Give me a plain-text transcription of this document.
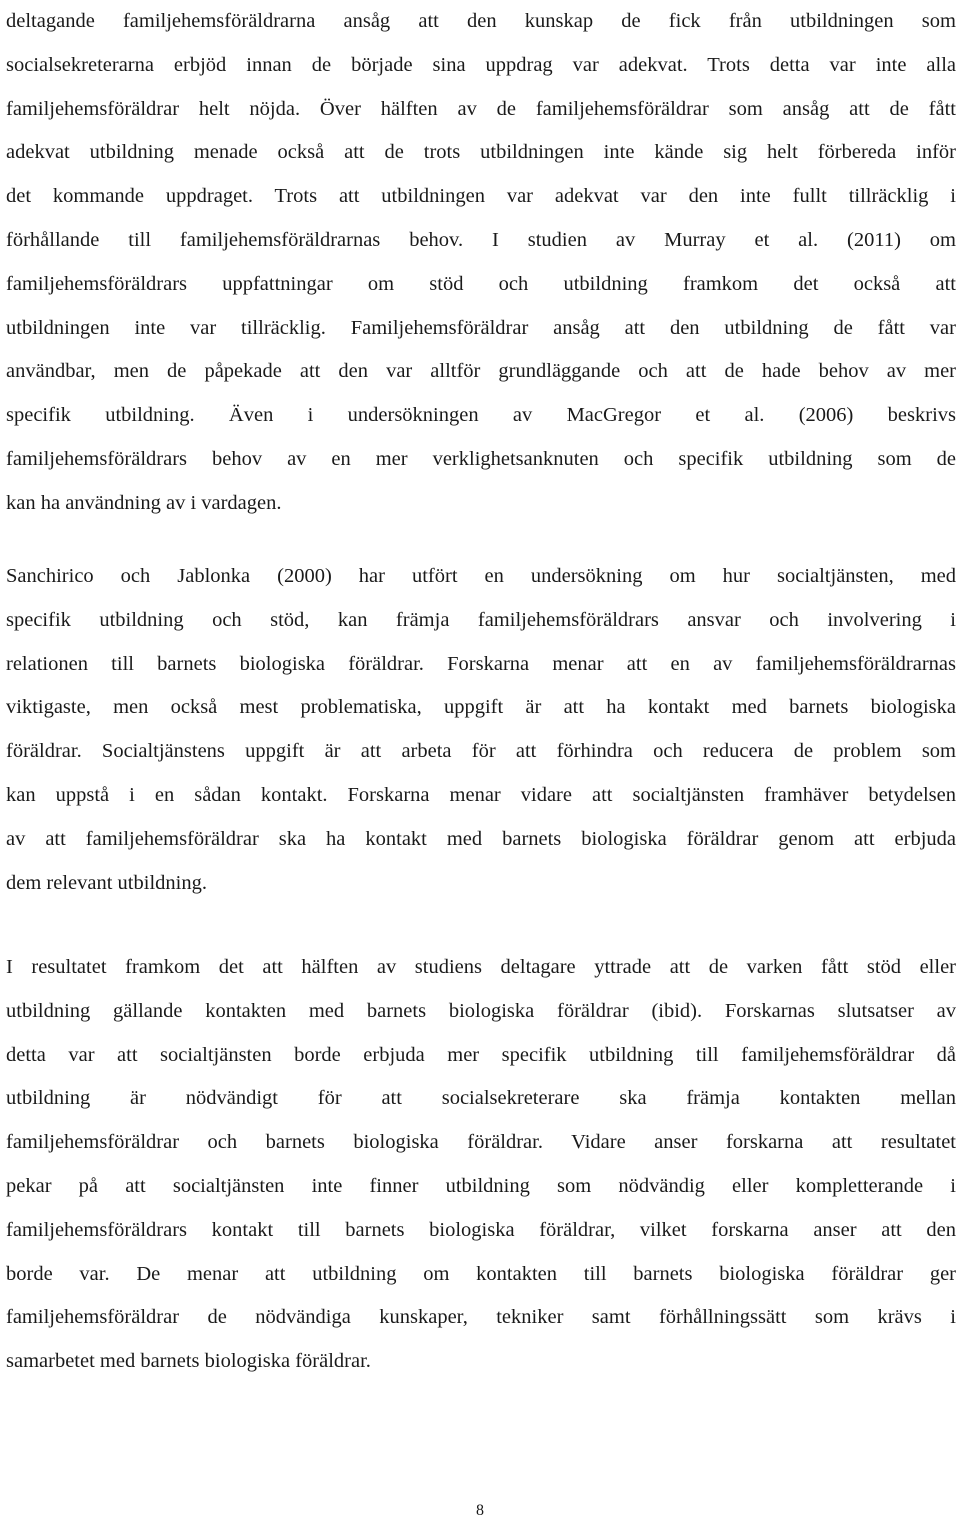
deltagande familjehemsföräldrarna ansåg att den kunskap de fick från utbildningen som
socialsekreterarna erbjöd innan de började sina uppdrag var adekvat. Trots detta var inte alla
familjehemsföräldrar helt nöjda. Över hälften av de familjehemsföräldrar som ansåg att de fått
adekvat utbildning menade också att de trots utbildningen inte kände sig helt förbereda inför
det kommande uppdraget. Trots att utbildningen var adekvat var den inte fullt tillräcklig i
förhållande till familjehemsföräldrarnas behov. I studien av Murray et al. (2011) om
familjehemsföräldrars uppfattningar om stöd och utbildning framkom det också att
utbildningen inte var tillräcklig. Familjehemsföräldrar ansåg att den utbildning de fått var
användbar, men de påpekade att den var alltför grundläggande och att de hade behov av mer
specifik utbildning. Även i undersökningen av MacGregor et al. (2006) beskrivs
familjehemsföräldrars behov av en mer verklighetsanknuten och specifik utbildning som de
kan ha användning av i vardagen.
Sanchirico och Jablonka (2000) har utfört en undersökning om hur socialtjänsten, med
specifik utbildning och stöd, kan främja familjehemsföräldrars ansvar och involvering i
relationen till barnets biologiska föräldrar. Forskarna menar att en av familjehemsföräldrarnas
viktigaste, men också mest problematiska, uppgift är att ha kontakt med barnets biologiska
föräldrar. Socialtjänstens uppgift är att arbeta för att förhindra och reducera de problem som
kan uppstå i en sådan kontakt. Forskarna menar vidare att socialtjänsten framhäver betydelsen
av att familjehemsföräldrar ska ha kontakt med barnets biologiska föräldrar genom att erbjuda
dem relevant utbildning.
I resultatet framkom det att hälften av studiens deltagare yttrade att de varken fått stöd eller
utbildning gällande kontakten med barnets biologiska föräldrar (ibid). Forskarnas slutsatser av
detta var att socialtjänsten borde erbjuda mer specifik utbildning till familjehemsföräldrar då
utbildning är nödvändigt för att socialsekreterare ska främja kontakten mellan
familjehemsföräldrar och barnets biologiska föräldrar. Vidare anser forskarna att resultatet
pekar på att socialtjänsten inte finner utbildning som nödvändig eller kompletterande i
familjehemsföräldrars kontakt till barnets biologiska föräldrar, vilket forskarna anser att den
borde var. De menar att utbildning om kontakten till barnets biologiska föräldrar ger
familjehemsföräldrar de nödvändiga kunskaper, tekniker samt förhållningssätt som krävs i
samarbetet med barnets biologiska föräldrar.
8
